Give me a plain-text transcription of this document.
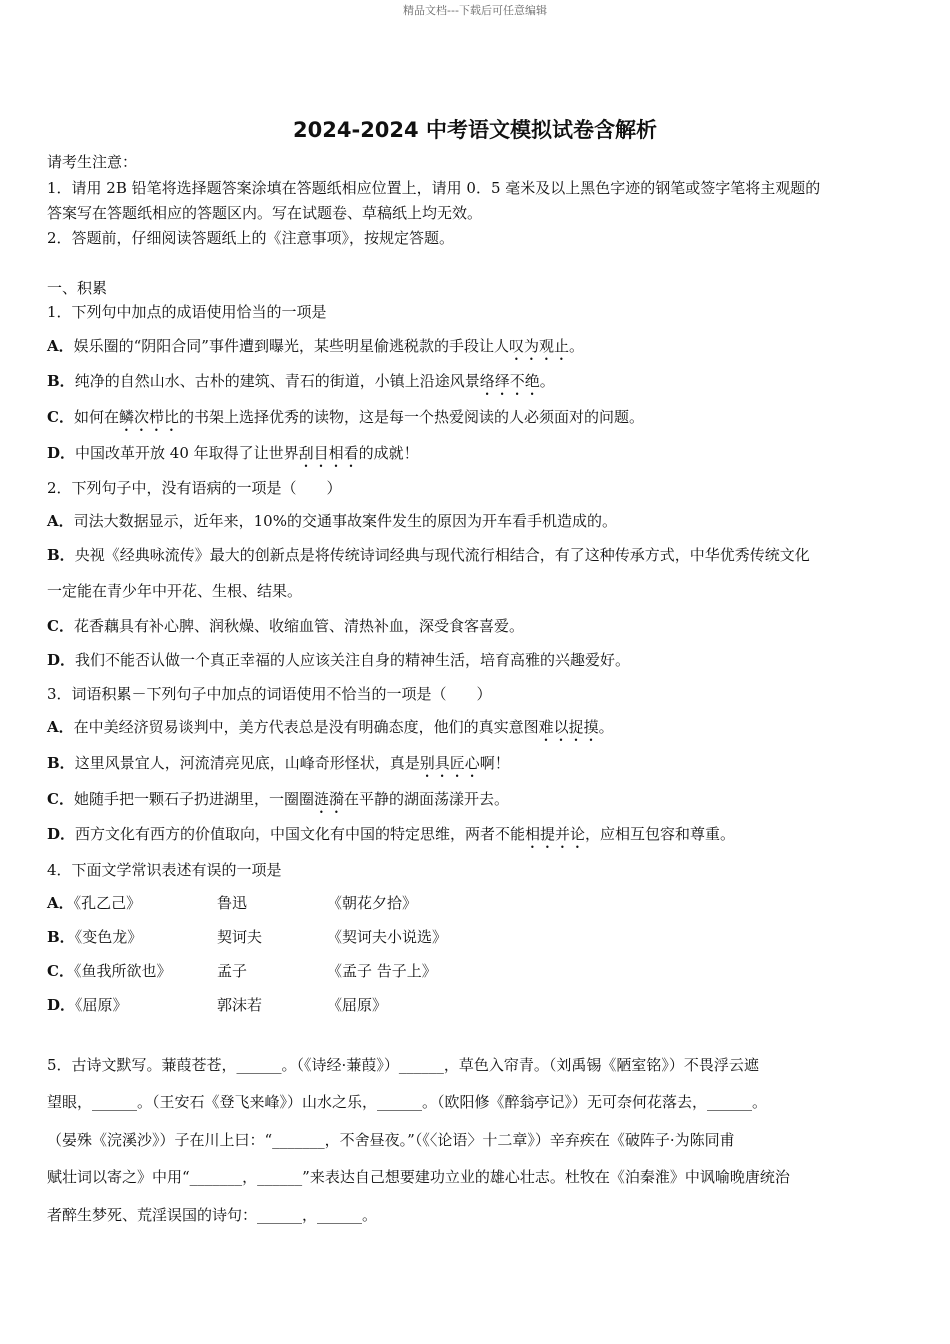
精品文档---下载后可任意编辑
2024-2024 中考语文模拟试卷含解析
请考生注意：
1．请用 2B 铅笔将选择题答案涂填在答题纸相应位置上，请用 0．5 毫米及以上黑色字迹的钢笔或签字笔将主观题的
答案写在答题纸相应的答题区内。写在试题卷、草稿纸上均无效。
2．答题前，仔细阅读答题纸上的《注意事项》，按规定答题。
一、积累
1．下列句中加点的成语使用恰当的一项是
A．娱乐圈的“阴阳合同”事件遭到曝光，某些明星偷逃税款的手段让人叹为观止。
B．纯净的自然山水、古朴的建筑、青石的街道，小镇上沿途风景络绎不绝。
C．如何在鳞次栉比的书架上选择优秀的读物，这是每一个热爱阅读的人必须面对的问题。
D．中国改革开放 40 年取得了让世界刮目相看的成就！
2．下列句子中，没有语病的一项是（　　）
A．司法大数据显示，近年来，10%的交通事故案件发生的原因为开车看手机造成的。
B．央视《经典咏流传》最大的创新点是将传统诗词经典与现代流行相结合，有了这种传承方式，中华优秀传统文化
一定能在青少年中开花、生根、结果。
C．花香藕具有补心脾、润秋燥、收缩血管、清热补血，深受食客喜爱。
D．我们不能否认做一个真正幸福的人应该关注自身的精神生活，培育高雅的兴趣爱好。
3．词语积累－下列句子中加点的词语使用不恰当的一项是（　　）
A．在中美经济贸易谈判中，美方代表总是没有明确态度，他们的真实意图难以捉摸。
B．这里风景宜人，河流清亮见底，山峰奇形怪状，真是别具匠心啊！
C．她随手把一颗石子扔进湖里，一圈圈涟漪在平静的湖面荡漾开去。
D．西方文化有西方的价值取向，中国文化有中国的特定思维，两者不能相提并论，应相互包容和尊重。
4．下面文学常识表述有误的一项是
A．《孔乙己》	鲁迅	《朝花夕拾》
B．《变色龙》	契诃夫	《契诃夫小说选》
C．《鱼我所欲也》	孟子	《孟子 告子上》
D．《屈原》	郭沫若	《屈原》
5．古诗文默写。蒹葭苍苍，______。（《诗经·蒹葭》）______，草色入帘青。（刘禹锡《陋室铭》）不畏浮云遮
望眼，______。（王安石《登飞来峰》）山水之乐，______。（欧阳修《醉翁亭记》）无可奈何花落去，______。
（晏殊《浣溪沙》）子在川上曰：“_______，不舍昼夜。”（《〈论语〉十二章》）辛弃疾在《破阵子·为陈同甫
赋壮词以寄之》中用“_______，______”来表达自己想要建功立业的雄心壮志。杜牧在《泊秦淮》中讽喻晚唐统治
者醉生梦死、荒淫误国的诗句：______，______。
